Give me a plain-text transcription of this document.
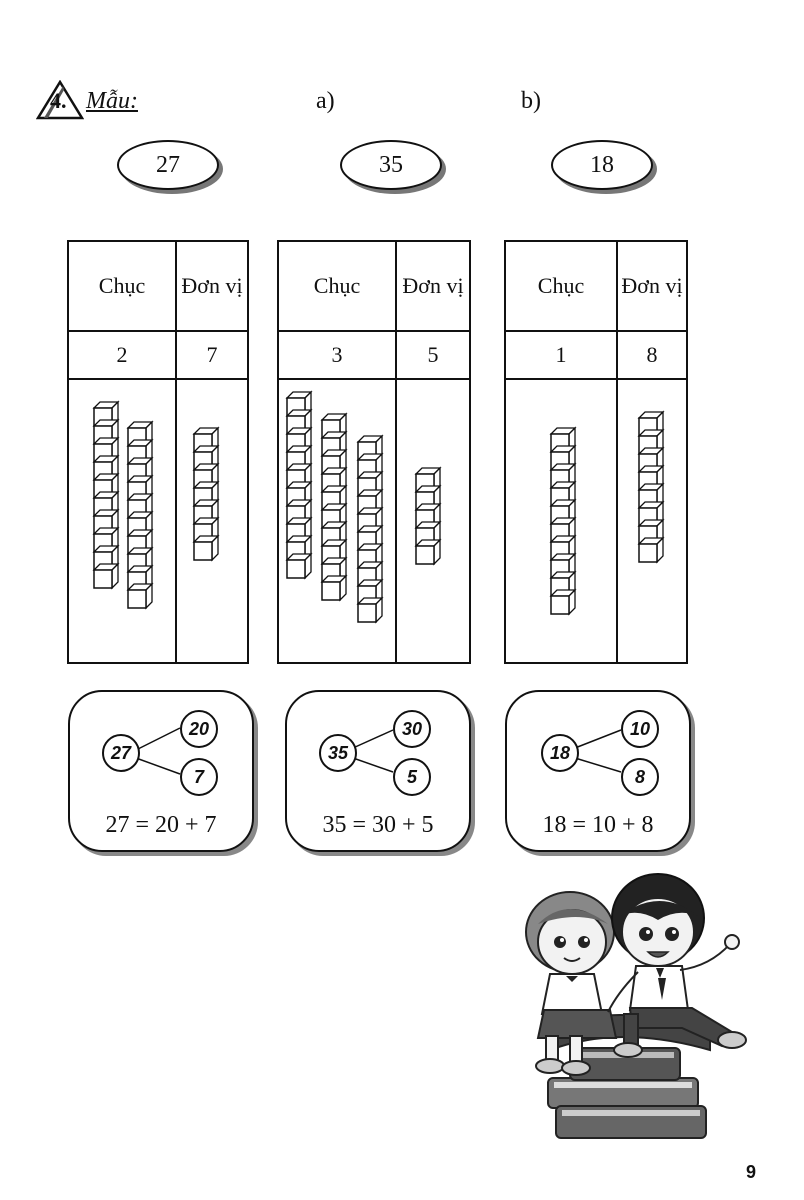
4. Mẫu:	a)	b)
27	35	18
Chục	Đơn vị
2	7
Chục	Đơn vị
3	5
Chục	Đơn vị
1	8
27
20
7
27 = 20 + 7
35
30
5
35 = 30 + 5
18
10
8
18 = 10 + 8
9
